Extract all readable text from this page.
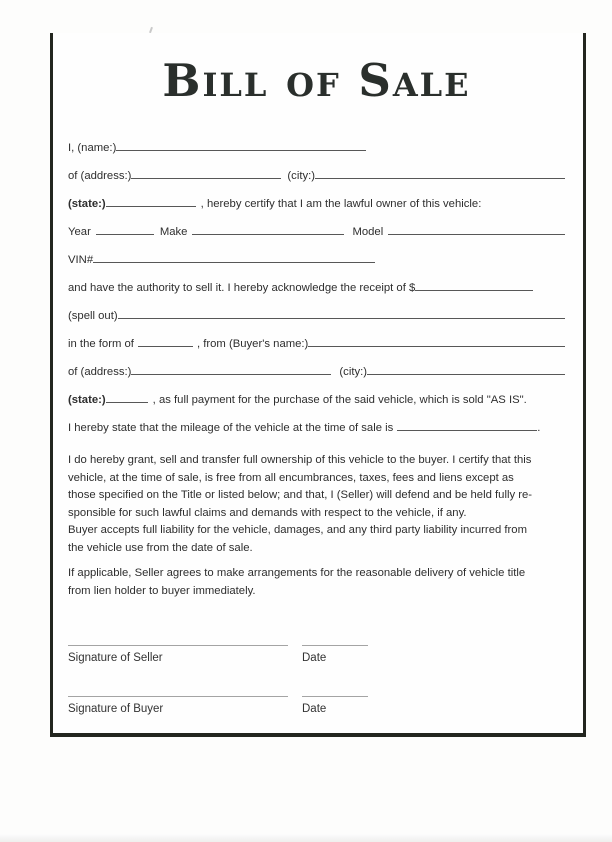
Bill of Sale
I, (name:)
of (address:)	(city:)
(state:)	, hereby certify that I am the lawful owner of this vehicle:
Year	Make	Model
VIN#
and have the authority to sell it. I hereby acknowledge the receipt of $
(spell out)
in the form of	, from (Buyer's name:)
of (address:)	(city:)
(state:)	, as full payment for the purchase of the said vehicle, which is sold "AS IS".
I hereby state that the mileage of the vehicle at the time of sale is	.

I do hereby grant, sell and transfer full ownership of this vehicle to the buyer. I certify that this
vehicle, at the time of sale, is free from all encumbrances, taxes, fees and liens except as
those specified on the Title or listed below; and that, I (Seller) will defend and be held fully re-
sponsible for such lawful claims and demands with respect to the vehicle, if any.

Buyer accepts full liability for the vehicle, damages, and any third party liability incurred from
the vehicle use from the date of sale.

If applicable, Seller agrees to make arrangements for the reasonable delivery of vehicle title
from lien holder to buyer immediately.

Signature of Seller	Date
Signature of Buyer	Date
